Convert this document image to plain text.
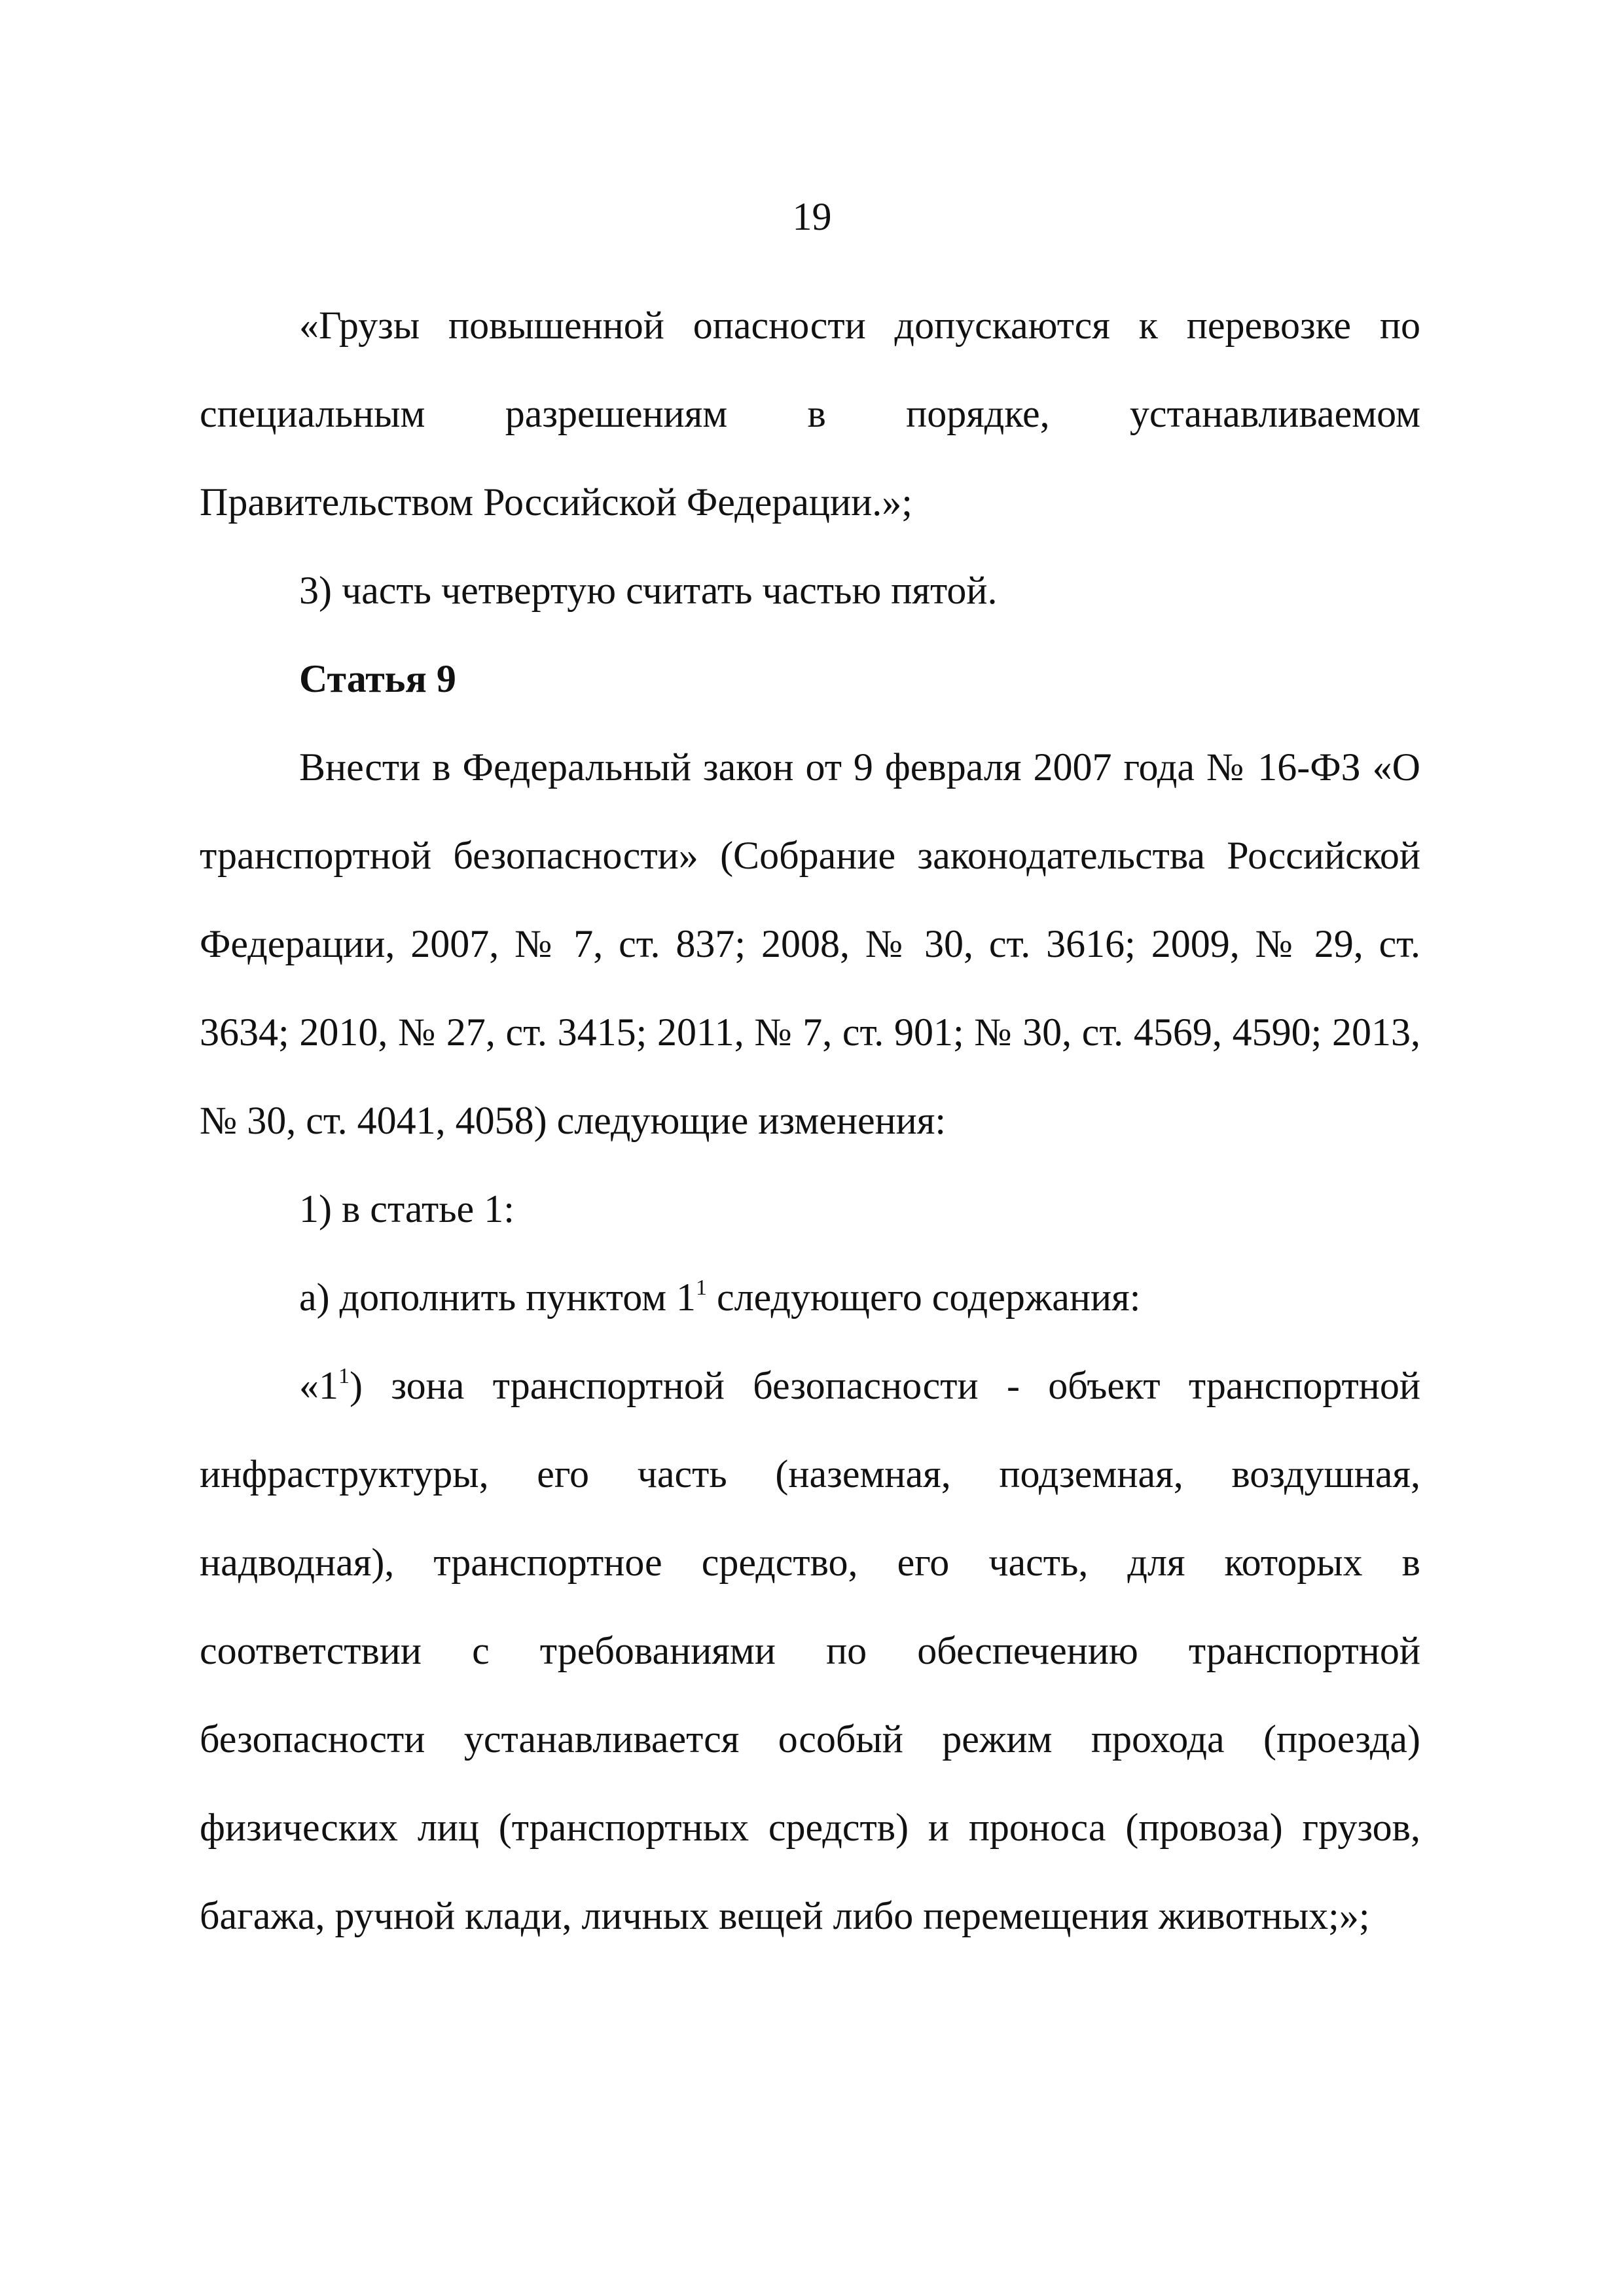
19

«Грузы повышенной опасности допускаются к перевозке по специальным разрешениям в порядке, устанавливаемом Правительством Российской Федерации.»;

3) часть четвертую считать частью пятой.

Статья 9

Внести в Федеральный закон от 9 февраля 2007 года № 16-ФЗ «О транспортной безопасности» (Собрание законодательства Российской Федерации, 2007, № 7, ст. 837; 2008, № 30, ст. 3616; 2009, № 29, ст. 3634; 2010, № 27, ст. 3415; 2011, № 7, ст. 901; № 30, ст. 4569, 4590; 2013, № 30, ст. 4041, 4058) следующие изменения:

1) в статье 1:

а) дополнить пунктом $1^1$ следующего содержания:

«$1^1$) зона транспортной безопасности - объект транспортной инфраструктуры, его часть (наземная, подземная, воздушная, надводная), транспортное средство, его часть, для которых в соответствии с требованиями по обеспечению транспортной безопасности устанавливается особый режим прохода (проезда) физических лиц (транспортных средств) и проноса (провоза) грузов, багажа, ручной клади, личных вещей либо перемещения животных;»;
